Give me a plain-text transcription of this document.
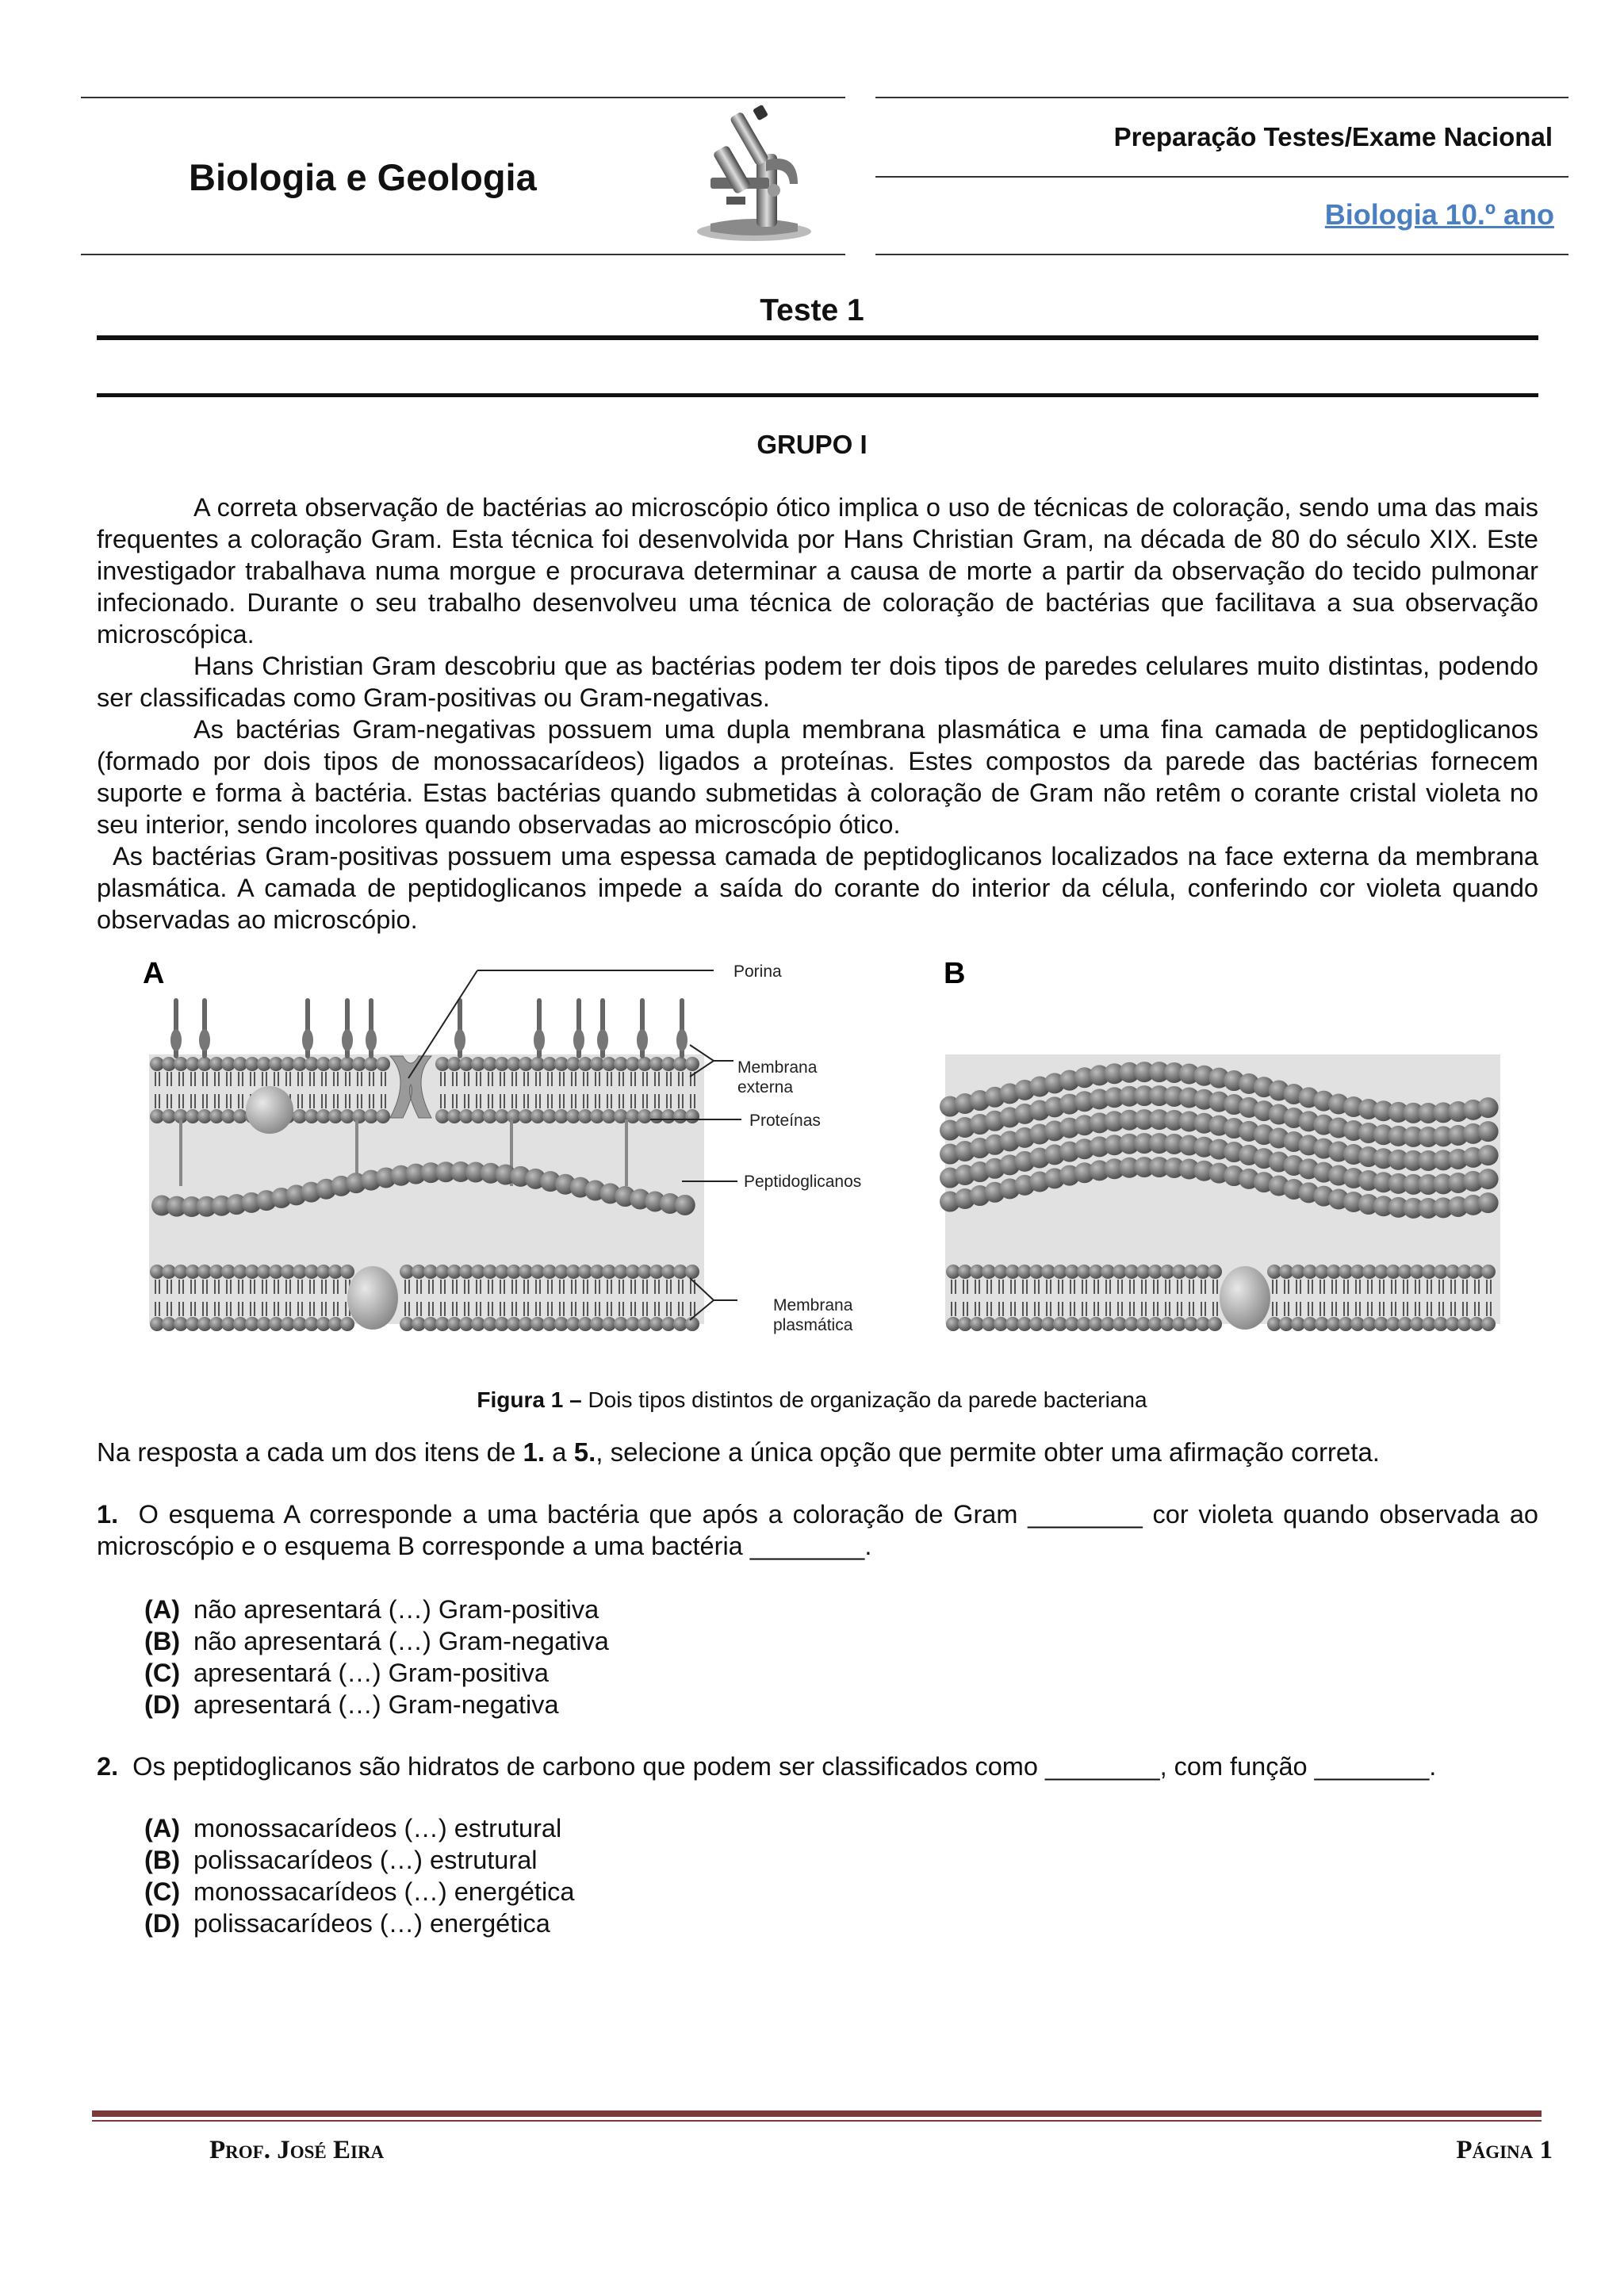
Biologia e Geologia
Preparação Testes/Exame Nacional
Biologia 10.º ano
Teste 1
GRUPO I

A correta observação de bactérias ao microscópio ótico implica o uso de técnicas de coloração, sendo uma das mais frequentes a coloração Gram. Esta técnica foi desenvolvida por Hans Christian Gram, na década de 80 do século XIX. Este investigador trabalhava numa morgue e procurava determinar a causa de morte a partir da observação do tecido pulmonar infecionado. Durante o seu trabalho desenvolveu uma técnica de coloração de bactérias que facilitava a sua observação microscópica.

Hans Christian Gram descobriu que as bactérias podem ter dois tipos de paredes celulares muito distintas, podendo ser classificadas como Gram-positivas ou Gram-negativas.

As bactérias Gram-negativas possuem uma dupla membrana plasmática e uma fina camada de peptidoglicanos (formado por dois tipos de monossacarídeos) ligados a proteínas. Estes compostos da parede das bactérias fornecem suporte e forma à bactéria. Estas bactérias quando submetidas à coloração de Gram não retêm o corante cristal violeta no seu interior, sendo incolores quando observadas ao microscópio ótico.

As bactérias Gram-positivas possuem uma espessa camada de peptidoglicanos localizados na face externa da membrana plasmática. A camada de peptidoglicanos impede a saída do corante do interior da célula, conferindo cor violeta quando observadas ao microscópio.

A	B
Porina
Membrana
externa
Proteínas
Peptidoglicanos
Membrana
plasmática
Figura 1 – Dois tipos distintos de organização da parede bacteriana
Na resposta a cada um dos itens de 1. a 5., selecione a única opção que permite obter uma afirmação correta.

1. O esquema A corresponde a uma bactéria que após a coloração de Gram ________ cor violeta quando observada ao microscópio e o esquema B corresponde a uma bactéria ________.

(A) não apresentará (…) Gram-positiva
(B) não apresentará (…) Gram-negativa
(C) apresentará (…) Gram-positiva
(D) apresentará (…) Gram-negativa

2. Os peptidoglicanos são hidratos de carbono que podem ser classificados como ________, com função ________.

(A) monossacarídeos (…) estrutural
(B) polissacarídeos (…) estrutural
(C) monossacarídeos (…) energética
(D) polissacarídeos (…) energética
Prof. José Eira	Página 1
